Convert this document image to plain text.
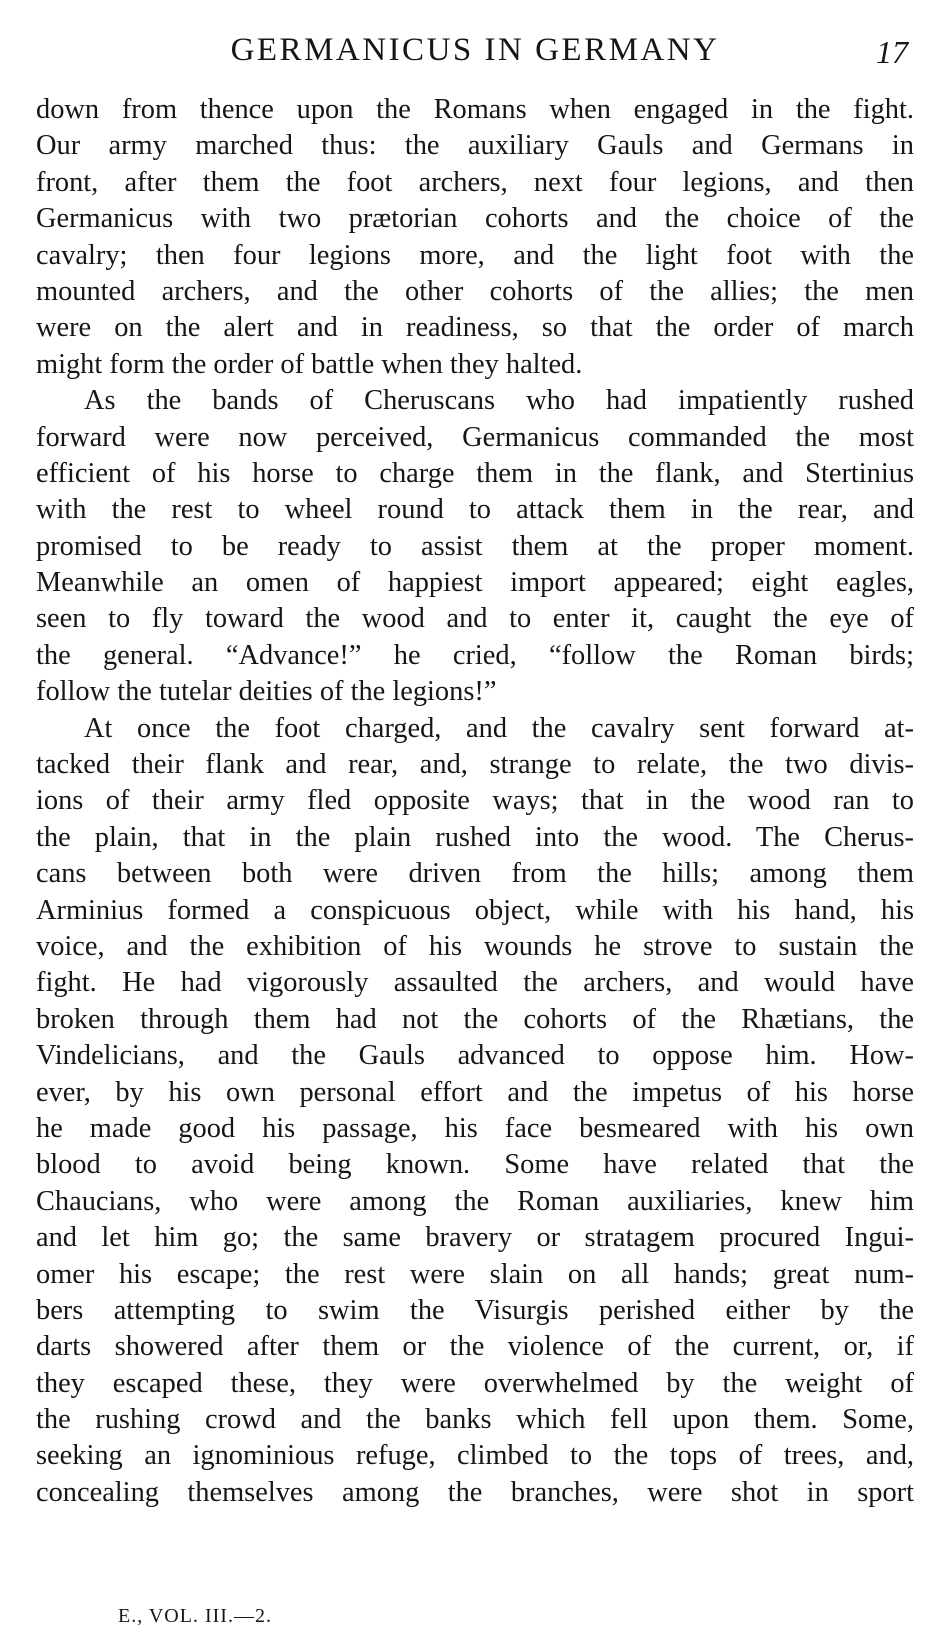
GERMANICUS IN GERMANY	17
down from thence upon the Romans when engaged in the fight.
Our army marched thus: the auxiliary Gauls and Germans in
front, after them the foot archers, next four legions, and then
Germanicus with two prætorian cohorts and the choice of the
cavalry; then four legions more, and the light foot with the
mounted archers, and the other cohorts of the allies; the men
were on the alert and in readiness, so that the order of march
might form the order of battle when they halted.
As the bands of Cheruscans who had impatiently rushed
forward were now perceived, Germanicus commanded the most
efficient of his horse to charge them in the flank, and Stertinius
with the rest to wheel round to attack them in the rear, and
promised to be ready to assist them at the proper moment.
Meanwhile an omen of happiest import appeared; eight eagles,
seen to fly toward the wood and to enter it, caught the eye of
the general. “Advance!” he cried, “follow the Roman birds;
follow the tutelar deities of the legions!”
At once the foot charged, and the cavalry sent forward at-
tacked their flank and rear, and, strange to relate, the two divis-
ions of their army fled opposite ways; that in the wood ran to
the plain, that in the plain rushed into the wood. The Cherus-
cans between both were driven from the hills; among them
Arminius formed a conspicuous object, while with his hand, his
voice, and the exhibition of his wounds he strove to sustain the
fight. He had vigorously assaulted the archers, and would have
broken through them had not the cohorts of the Rhætians, the
Vindelicians, and the Gauls advanced to oppose him. How-
ever, by his own personal effort and the impetus of his horse
he made good his passage, his face besmeared with his own
blood to avoid being known. Some have related that the
Chaucians, who were among the Roman auxiliaries, knew him
and let him go; the same bravery or stratagem procured Ingui-
omer his escape; the rest were slain on all hands; great num-
bers attempting to swim the Visurgis perished either by the
darts showered after them or the violence of the current, or, if
they escaped these, they were overwhelmed by the weight of
the rushing crowd and the banks which fell upon them. Some,
seeking an ignominious refuge, climbed to the tops of trees, and,
concealing themselves among the branches, were shot in sport
E., VOL. III.—2.
